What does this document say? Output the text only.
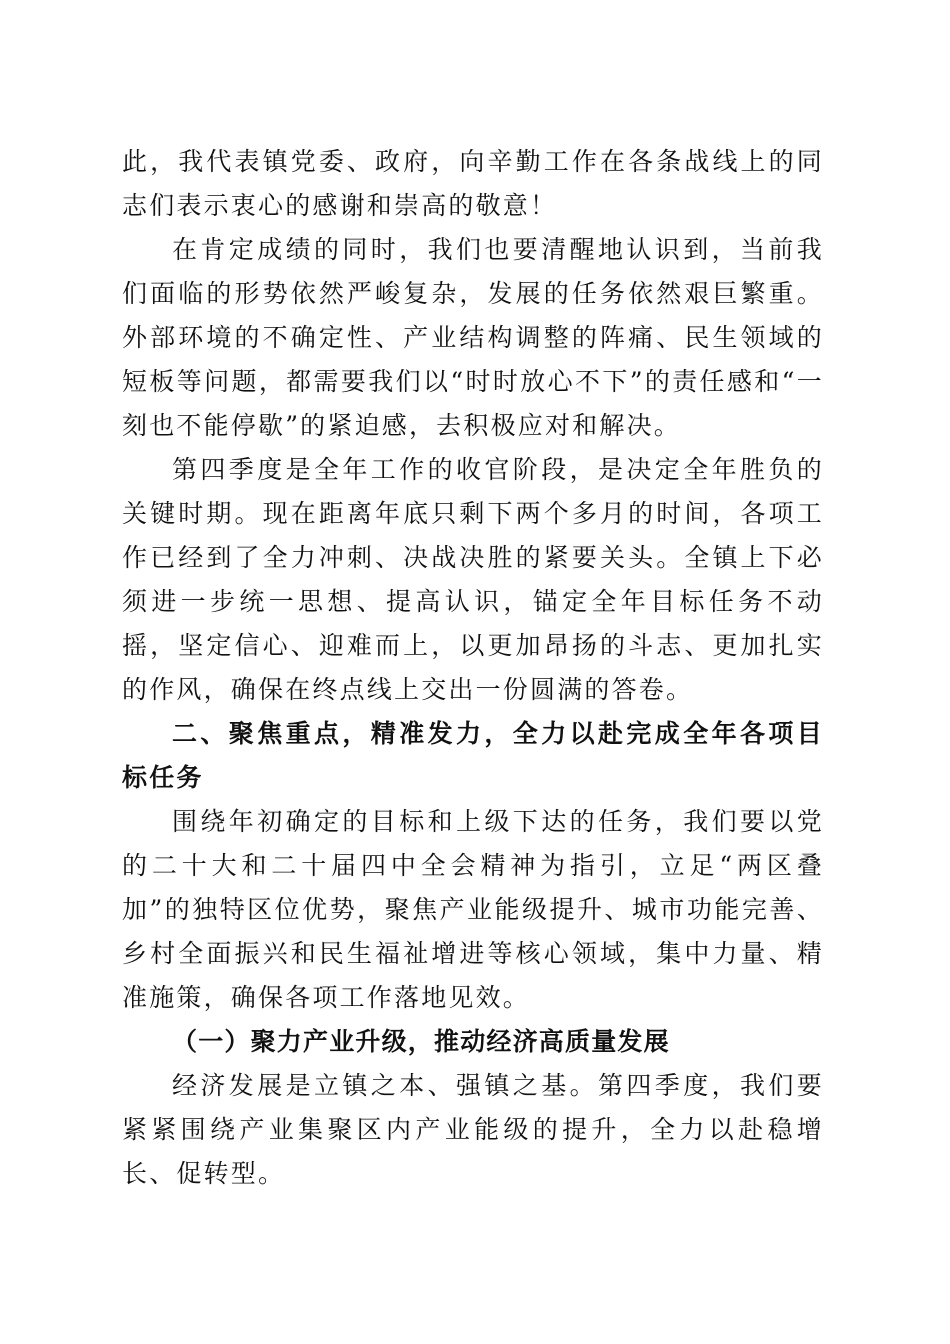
此，我代表镇党委、政府，向辛勤工作在各条战线上的同志们表示衷心的感谢和崇高的敬意！

在肯定成绩的同时，我们也要清醒地认识到，当前我们面临的形势依然严峻复杂，发展的任务依然艰巨繁重。外部环境的不确定性、产业结构调整的阵痛、民生领域的短板等问题，都需要我们以“时时放心不下”的责任感和“一刻也不能停歇”的紧迫感，去积极应对和解决。

第四季度是全年工作的收官阶段，是决定全年胜负的关键时期。现在距离年底只剩下两个多月的时间，各项工作已经到了全力冲刺、决战决胜的紧要关头。全镇上下必须进一步统一思想、提高认识，锚定全年目标任务不动摇，坚定信心、迎难而上，以更加昂扬的斗志、更加扎实的作风，确保在终点线上交出一份圆满的答卷。

二、聚焦重点，精准发力，全力以赴完成全年各项目标任务

围绕年初确定的目标和上级下达的任务，我们要以党的二十大和二十届四中全会精神为指引，立足“两区叠加”的独特区位优势，聚焦产业能级提升、城市功能完善、乡村全面振兴和民生福祉增进等核心领域，集中力量、精准施策，确保各项工作落地见效。

（一）聚力产业升级，推动经济高质量发展

经济发展是立镇之本、强镇之基。第四季度，我们要紧紧围绕产业集聚区内产业能级的提升，全力以赴稳增长、促转型。
